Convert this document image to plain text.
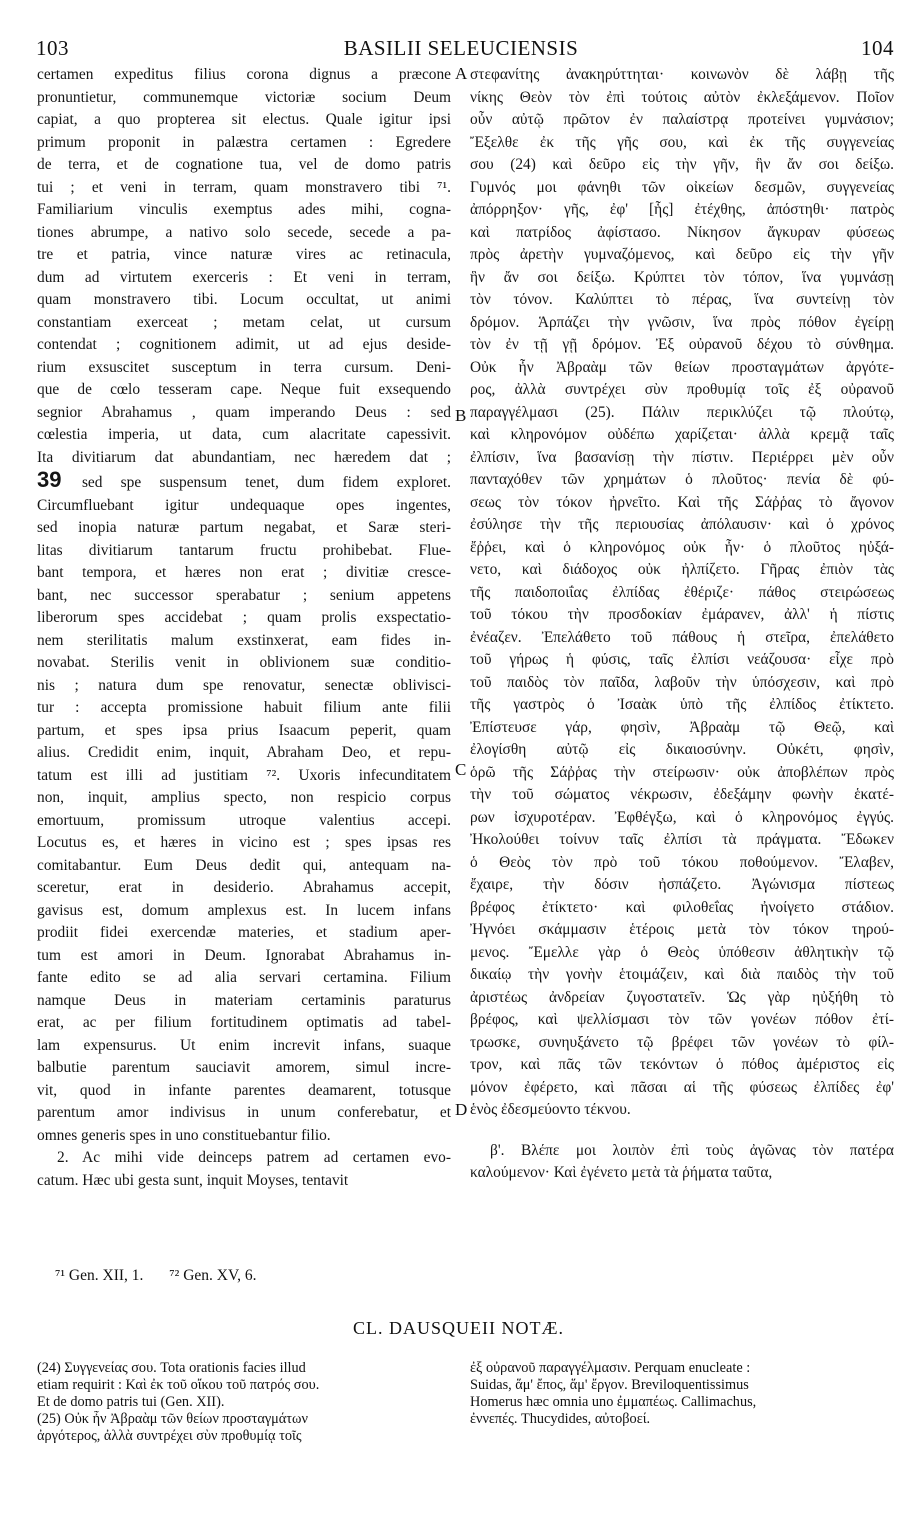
103	BASILII SELEUCIENSIS	104
certamen expeditus filius corona dignus a præcone
pronuntietur, communemque victoriæ socium Deum
capiat, a quo propterea sit electus. Quale igitur ipsi
primum proponit in palæstra certamen : Egredere
de terra, et de cognatione tua, vel de domo patris
tui ; et veni in terram, quam monstravero tibi ⁷¹.
Familiarium vinculis exemptus ades mihi, cogna-
tiones abrumpe, a nativo solo secede, secede a pa-
tre et patria, vince naturæ vires ac retinacula,
dum ad virtutem exerceris : Et veni in terram,
quam monstravero tibi. Locum occultat, ut animi
constantiam exerceat ; metam celat, ut cursum
contendat ; cognitionem adimit, ut ad ejus deside-
rium exsuscitet susceptum in terra cursum. Deni-
que de cœlo tesseram cape. Neque fuit exsequendo
segnior Abrahamus , quam imperando Deus : sed
cœlestia imperia, ut data, cum alacritate capessivit.
Ita divitiarum dat abundantiam, nec hæredem dat ;
39 sed spe suspensum tenet, dum fidem exploret.
Circumfluebant igitur undequaque opes ingentes,
sed inopia naturæ partum negabat, et Saræ steri-
litas divitiarum tantarum fructu prohibebat. Flue-
bant tempora, et hæres non erat ; divitiæ cresce-
bant, nec successor sperabatur ; senium appetens
liberorum spes accidebat ; quam prolis exspectatio-
nem sterilitatis malum exstinxerat, eam fides in-
novabat. Sterilis venit in oblivionem suæ conditio-
nis ; natura dum spe renovatur, senectæ oblivisci-
tur : accepta promissione habuit filium ante filii
partum, et spes ipsa prius Isaacum peperit, quam
alius. Credidit enim, inquit, Abraham Deo, et repu-
tatum est illi ad justitiam ⁷². Uxoris infecunditatem
non, inquit, amplius specto, non respicio corpus
emortuum, promissum utroque valentius accepi.
Locutus es, et hæres in vicino est ; spes ipsas res
comitabantur. Eum Deus dedit qui, antequam na-
sceretur, erat in desiderio. Abrahamus accepit,
gavisus est, domum amplexus est. In lucem infans
prodiit fidei exercendæ materies, et stadium aper-
tum est amori in Deum. Ignorabat Abrahamus in-
fante edito se ad alia servari certamina. Filium
namque Deus in materiam certaminis paraturus
erat, ac per filium fortitudinem optimatis ad tabel-
lam expensurus. Ut enim increvit infans, suaque
balbutie parentum sauciavit amorem, simul incre-
vit, quod in infante parentes deamarent, totusque
parentum amor indivisus in unum conferebatur, et
omnes generis spes in uno constituebantur filio.
2. Ac mihi vide deinceps patrem ad certamen evo-
catum. Hæc ubi gesta sunt, inquit Moyses, tentavit
στεφανίτης ἀνακηρύττηται· κοινωνὸν δὲ λάβῃ τῆς
νίκης Θεὸν τὸν ἐπὶ τούτοις αὐτὸν ἐκλεξάμενον. Ποῖον
οὖν αὐτῷ πρῶτον ἐν παλαίστρᾳ προτείνει γυμνάσιον;
Ἔξελθε ἐκ τῆς γῆς σου, καὶ ἐκ τῆς συγγενείας
σου (24) καὶ δεῦρο εἰς τὴν γῆν, ἣν ἄν σοι δείξω.
Γυμνός μοι φάνηθι τῶν οἰκείων δεσμῶν, συγγενείας
ἀπόρρηξον· γῆς, ἐφ' [ἧς] ἐτέχθης, ἀπόστηθι· πατρὸς
καὶ πατρίδος ἀφίστασο. Νίκησον ἄγκυραν φύσεως
πρὸς ἀρετὴν γυμναζόμενος, καὶ δεῦρο εἰς τὴν γῆν
ἣν ἄν σοι δείξω. Κρύπτει τὸν τόπον, ἵνα γυμνάσῃ
τὸν τόνον. Καλύπτει τὸ πέρας, ἵνα συντείνῃ τὸν
δρόμον. Ἁρπάζει τὴν γνῶσιν, ἵνα πρὸς πόθον ἐγείρῃ
τὸν ἐν τῇ γῇ δρόμον. Ἐξ οὐρανοῦ δέχου τὸ σύνθημα.
Οὐκ ἦν Ἀβραὰμ τῶν θείων προσταγμάτων ἀργότε-
ρος, ἀλλὰ συντρέχει σὺν προθυμίᾳ τοῖς ἐξ οὐρανοῦ
παραγγέλμασι (25). Πάλιν περικλύζει τῷ πλούτῳ,
καὶ κληρονόμον οὐδέπω χαρίζεται· ἀλλὰ κρεμᾷ ταῖς
ἐλπίσιν, ἵνα βασανίσῃ τὴν πίστιν. Περιέρρει μὲν οὖν
πανταχόθεν τῶν χρημάτων ὁ πλοῦτος· πενία δὲ φύ-
σεως τὸν τόκον ἠρνεῖτο. Καὶ τῆς Σάῤῥας τὸ ἄγονον
ἐσύλησε τὴν τῆς περιουσίας ἀπόλαυσιν· καὶ ὁ χρόνος
ἔῤῥει, καὶ ὁ κληρονόμος οὐκ ἦν· ὁ πλοῦτος ηὐξά-
νετο, καὶ διάδοχος οὐκ ἠλπίζετο. Γῆρας ἐπιὸν τὰς
τῆς παιδοποιΐας ἐλπίδας ἐθέριζε· πάθος στειρώσεως
τοῦ τόκου τὴν προσδοκίαν ἐμάρανεν, ἀλλ' ἡ πίστις
ἐνέαζεν. Ἐπελάθετο τοῦ πάθους ἡ στεῖρα, ἐπελάθετο
τοῦ γήρως ἡ φύσις, ταῖς ἐλπίσι νεάζουσα· εἶχε πρὸ
τοῦ παιδὸς τὸν παῖδα, λαβοῦν τὴν ὑπόσχεσιν, καὶ πρὸ
τῆς γαστρὸς ὁ Ἰσαὰκ ὑπὸ τῆς ἐλπίδος ἐτίκτετο.
Ἐπίστευσε γάρ, φησὶν, Ἀβραὰμ τῷ Θεῷ, καὶ
ἐλογίσθη αὐτῷ εἰς δικαιοσύνην. Οὐκέτι, φησὶν,
ὁρῶ τῆς Σάῤῥας τὴν στείρωσιν· οὐκ ἀποβλέπων πρὸς
τὴν τοῦ σώματος νέκρωσιν, ἐδεξάμην φωνὴν ἑκατέ-
ρων ἰσχυροτέραν. Ἐφθέγξω, καὶ ὁ κληρονόμος ἐγγύς.
Ἠκολούθει τοίνυν ταῖς ἐλπίσι τὰ πράγματα. Ἔδωκεν
ὁ Θεὸς τὸν πρὸ τοῦ τόκου ποθούμενον. Ἔλαβεν,
ἔχαιρε, τὴν δόσιν ἠσπάζετο. Ἀγώνισμα πίστεως
βρέφος ἐτίκτετο· καὶ φιλοθεΐας ἠνοίγετο στάδιον.
Ἠγνόει σκάμμασιν ἑτέροις μετὰ τὸν τόκον τηρού-
μενος. Ἔμελλε γὰρ ὁ Θεὸς ὑπόθεσιν ἀθλητικὴν τῷ
δικαίῳ τὴν γονὴν ἑτοιμάζειν, καὶ διὰ παιδὸς τὴν τοῦ
ἀριστέως ἀνδρείαν ζυγοστατεῖν. Ὡς γὰρ ηὐξήθη τὸ
βρέφος, καὶ ψελλίσμασι τὸν τῶν γονέων πόθον ἐτί-
τρωσκε, συνηυξάνετο τῷ βρέφει τῶν γονέων τὸ φίλ-
τρον, καὶ πᾶς τῶν τεκόντων ὁ πόθος ἀμέριστος εἰς
μόνον ἐφέρετο, καὶ πᾶσαι αἱ τῆς φύσεως ἐλπίδες ἐφ'
ἑνὸς ἐδεσμεύοντο τέκνου.

β'. Βλέπε μοι λοιπὸν ἐπὶ τοὺς ἀγῶνας τὸν πατέρα
καλούμενον· Καὶ ἐγένετο μετὰ τὰ ῥήματα ταῦτα,
A
B
C
D
⁷¹ Gen. XII, 1. ⁷² Gen. XV, 6.
CL. DAUSQUEII NOTÆ.
(24) Συγγενείας σου. Tota orationis facies illud
etiam requirit : Καὶ ἐκ τοῦ οἴκου τοῦ πατρός σου.
Et de domo patris tui (Gen. XII).
(25) Οὐκ ἦν Ἀβραὰμ τῶν θείων προσταγμάτων
ἀργότερος, ἀλλὰ συντρέχει σὺν προθυμίᾳ τοῖς
ἐξ οὐρανοῦ παραγγέλμασιν. Perquam enucleate :
Suidas, ἅμ' ἔπος, ἅμ' ἔργον. Breviloquentissimus
Homerus hæc omnia uno ἐμμαπέως. Callimachus,
ἐννεπές. Thucydides, αὐτοβοεί.
